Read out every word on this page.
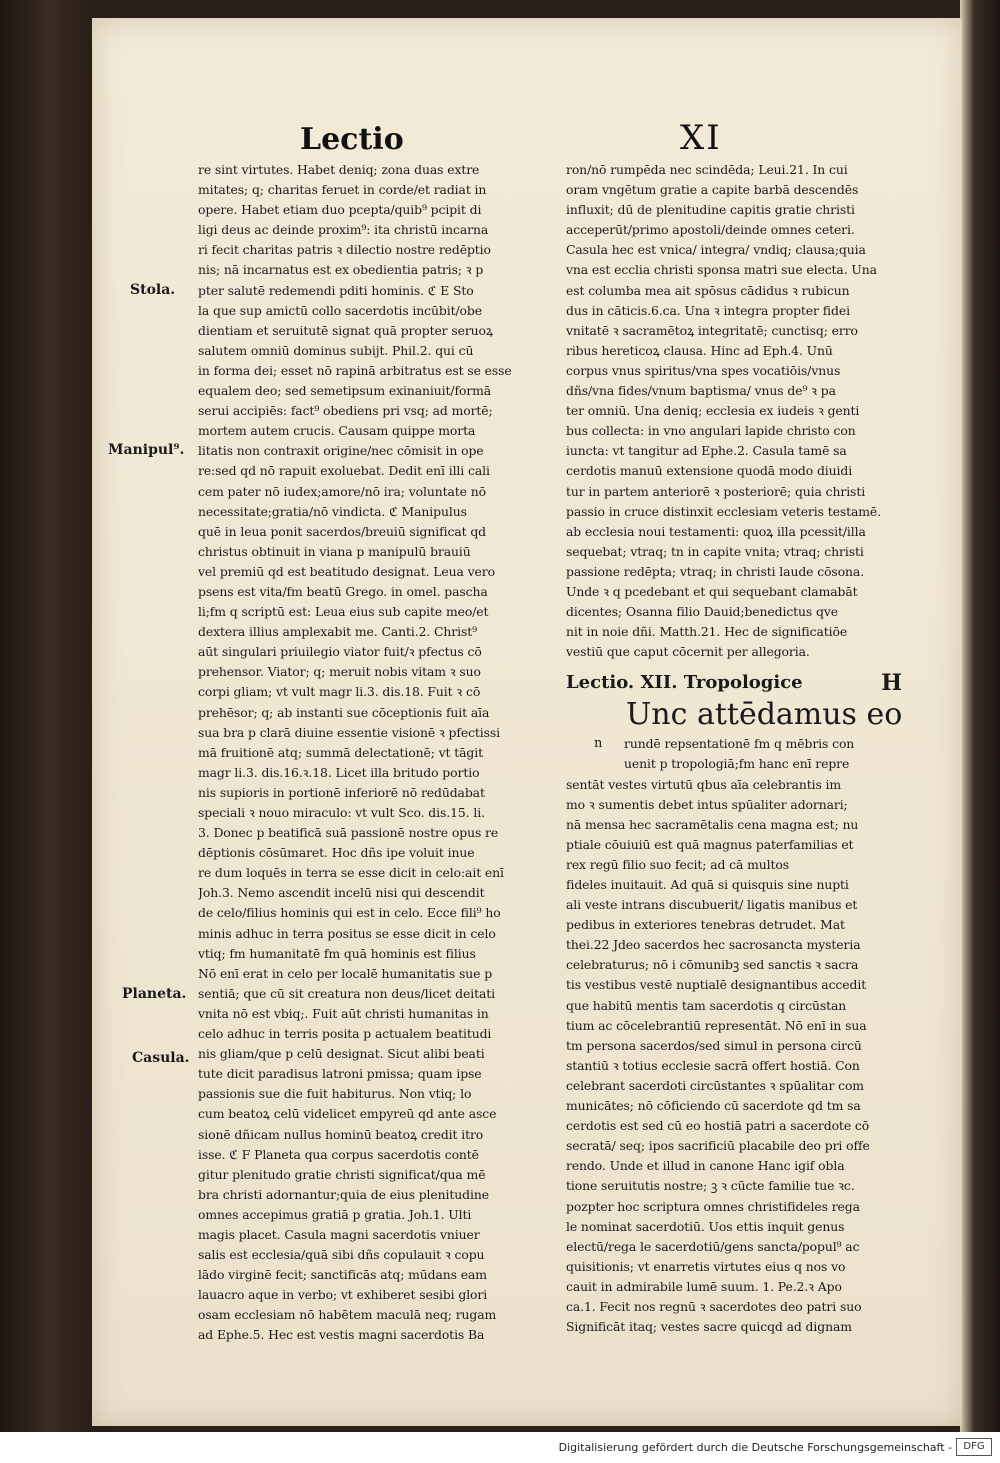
Lectio	XI
Stola.
Manipul⁹.
Planeta.
Casula.
re sint virtutes. Habet deniq; zona duas extre
mitates; q; charitas feruet in corde/et radiat in
opere. Habet etiam duo pcepta/quib⁹ pcipit di
ligi deus ac deinde proxim⁹: ita christū incarna
ri fecit charitas patris ꝛ dilectio nostre redēptio
nis; nā incarnatus est ex obedientia patris; ꝛ p
pter salutē redemendi pditi hominis. ℭ E Sto
la que sup amictū collo sacerdotis incūbit/obe
dientiam et seruitutē signat quā propter seruoꝝ
salutem omniū dominus subijt. Phil.2. qui cū
in forma dei; esset nō rapinā arbitratus est se esse
equalem deo; sed semetipsum exinaniuit/formā
serui accipiēs: fact⁹ obediens pri vsq; ad mortē;
mortem autem crucis. Causam quippe morta
litatis non contraxit origine/nec cōmisit in ope
re:sed qd nō rapuit exoluebat. Dedit enī illi cali
cem pater nō iudex;amore/nō ira; voluntate nō
necessitate;gratia/nō vindicta. ℭ Manipulus
quē in leua ponit sacerdos/breuiū significat qd
christus obtinuit in viana p manipulū brauiū
vel premiū qd est beatitudo designat. Leua vero
psens est vita/fm beatū Grego. in omel. pascha
li;fm q scriptū est: Leua eius sub capite meo/et
dextera illius amplexabit me. Canti.2. Christ⁹
aūt singulari priuilegio viator fuit/ꝛ pfectus cō
prehensor. Viator; q; meruit nobis vitam ꝛ suo
corpi gliam; vt vult magr li.3. dis.18. Fuit ꝛ cō
prehēsor; q; ab instanti sue cōceptionis fuit aīa
sua bra p clarā diuine essentie visionē ꝛ pfectissi
mā fruitionē atq; summā delectationē; vt tāgit
magr li.3. dis.16.ꝛ.18. Licet illa britudo portio
nis supioris in portionē inferiorē nō redūdabat
speciali ꝛ nouo miraculo: vt vult Sco. dis.15. li.
3. Donec p beatificā suā passionē nostre opus re
dēptionis cōsūmaret. Hoc dñs ipe voluit inue
re dum loquēs in terra se esse dicit in celo:ait enī
Joh.3. Nemo ascendit incelū nisi qui descendit
de celo/filius hominis qui est in celo. Ecce fili⁹ ho
minis adhuc in terra positus se esse dicit in celo
vtiq; fm humanitatē fm quā hominis est filius
Nō enī erat in celo per localē humanitatis sue p
sentiā; que cū sit creatura non deus/licet deitati
vnita nō est vbiq;. Fuit aūt christi humanitas in
celo adhuc in terris posita p actualem beatitudi
nis gliam/que p celū designat. Sicut alibi beati
tute dicit paradisus latroni pmissa; quam ipse
passionis sue die fuit habiturus. Non vtiq; lo
cum beatoꝝ celū videlicet empyreū qd ante asce
sionē dñicam nullus hominū beatoꝝ credit itro
isse. ℭ F Planeta qua corpus sacerdotis contē
gitur plenitudo gratie christi significat/qua mē
bra christi adornantur;quia de eius plenitudine
omnes accepimus gratiā p gratia. Joh.1. Ulti
magis placet. Casula magni sacerdotis vniuer
salis est ecclesia/quā sibi dñs copulauit ꝛ copu
lādo virginē fecit; sanctificās atq; mūdans eam
lauacro aque in verbo; vt exhiberet sesibi glori
osam ecclesiam nō habētem maculā neq; rugam
ad Ephe.5. Hec est vestis magni sacerdotis Ba
ron/nō rumpēda nec scindēda; Leui.21. In cui
oram vngētum gratie a capite barbā descendēs
influxit; dū de plenitudine capitis gratie christi
acceperūt/primo apostoli/deinde omnes ceteri.
Casula hec est vnica/ integra/ vndiq; clausa;quia
vna est ecclia christi sponsa matri sue electa. Una
est columba mea ait spōsus cādidus ꝛ rubicun
dus in cāticis.6.ca. Una ꝛ integra propter fidei
vnitatē ꝛ sacramētoꝝ integritatē; cunctisq; erro
ribus hereticoꝝ clausa. Hinc ad Eph.4. Unū
corpus vnus spiritus/vna spes vocatiōis/vnus
dñs/vna fides/vnum baptisma/ vnus de⁹ ꝛ pa
ter omniū. Una deniq; ecclesia ex iudeis ꝛ genti
bus collecta: in vno angulari lapide christo con
iuncta: vt tangitur ad Ephe.2. Casula tamē sa
cerdotis manuū extensione quodā modo diuidi
tur in partem anteriorē ꝛ posteriorē; quia christi
passio in cruce distinxit ecclesiam veteris testamē.
ab ecclesia noui testamenti: quoꝝ illa pcessit/illa
sequebat; vtraq; tn in capite vnita; vtraq; christi
passione redēpta; vtraq; in christi laude cōsona.
Unde ꝛ q pcedebant et qui sequebant clamabāt
dicentes; Osanna filio Dauid;benedictus qve
nit in noie dñi. Matth.21. Hec de significatiōe
vestiū que caput cōcernit per allegoria.
Lectio. XII. Tropologice	H
Unc attēdamus eo
n	rundē repsentationē fm q mēbris con
uenit p tropologiā;fm hanc enī repre
sentāt vestes virtutū qbus aīa celebrantis im
mo ꝛ sumentis debet intus spūaliter adornari;
nā mensa hec sacramētalis cena magna est; nu
ptiale cōuiuiū est quā magnus paterfamilias et
rex regū filio suo fecit; ad cā multos
fideles inuitauit. Ad quā si quisquis sine nupti
ali veste intrans discubuerit/ ligatis manibus et
pedibus in exteriores tenebras detrudet. Mat
thei.22 Jdeo sacerdos hec sacrosancta mysteria
celebraturus; nō i cōmunibꝫ sed sanctis ꝛ sacra
tis vestibus vestē nuptialē designantibus accedit
que habitū mentis tam sacerdotis q circūstan
tium ac cōcelebrantiū representāt. Nō enī in sua
tm persona sacerdos/sed simul in persona circū
stantiū ꝛ totius ecclesie sacrā offert hostiā. Con
celebrant sacerdoti circūstantes ꝛ spūalitar com
municātes; nō cōficiendo cū sacerdote qd tm sa
cerdotis est sed cū eo hostiā patri a sacerdote cō
secratā/ seq; ipos sacrificiū placabile deo pri offe
rendo. Unde et illud in canone Hanc igif obla
tione seruitutis nostre; ꝫ ꝛ cūcte familie tue ꝛc.
pozpter hoc scriptura omnes christifideles rega
le nominat sacerdotiū. Uos ettis inquit genus
electū/rega le sacerdotiū/gens sancta/popul⁹ ac
quisitionis; vt enarretis virtutes eius q nos vo
cauit in admirabile lumē suum. 1. Pe.2.ꝛ Apo
ca.1. Fecit nos regnū ꝛ sacerdotes deo patri suo
Significāt itaq; vestes sacre quicqd ad dignam
Digitalisierung gefördert durch die Deutsche Forschungsgemeinschaft -	DFG
